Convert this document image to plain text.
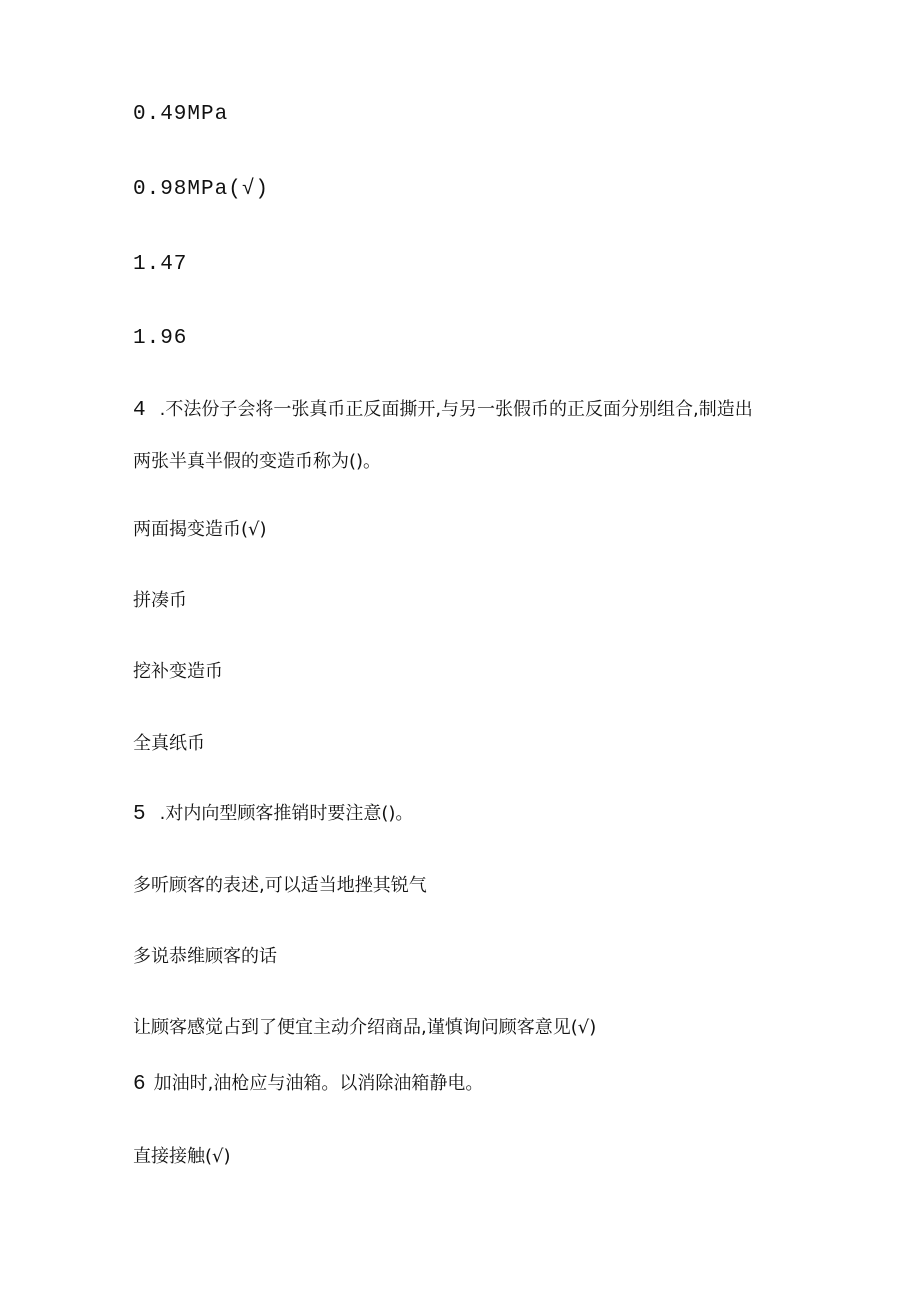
0.49MPa
0.98MPa(√)
1.47
1.96
4 .不法份子会将一张真币正反面撕开,与另一张假币的正反面分别组合,制造出
两张半真半假的变造币称为()。
两面揭变造币(√)
拼凑币
挖补变造币
全真纸币
5 .对内向型顾客推销时要注意()。
多听顾客的表述,可以适当地挫其锐气
多说恭维顾客的话
让顾客感觉占到了便宜主动介绍商品,谨慎询问顾客意见(√)
6 加油时,油枪应与油箱。以消除油箱静电。
直接接触(√)
